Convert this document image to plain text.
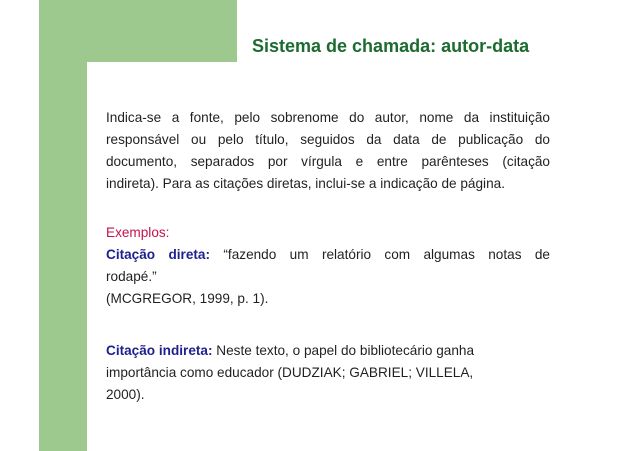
Sistema de chamada: autor-data

Indica-se a fonte, pelo sobrenome do autor, nome da instituição
responsável ou pelo título, seguidos da data de publicação do
documento, separados por vírgula e entre parênteses (citação
indireta). Para as citações diretas, inclui-se a indicação de página.

Exemplos:
Citação direta: “fazendo um relatório com algumas notas de
rodapé.”
(MCGREGOR, 1999, p. 1).

Citação indireta: Neste texto, o papel do bibliotecário ganha
importância como educador (DUDZIAK; GABRIEL; VILLELA,
2000).
